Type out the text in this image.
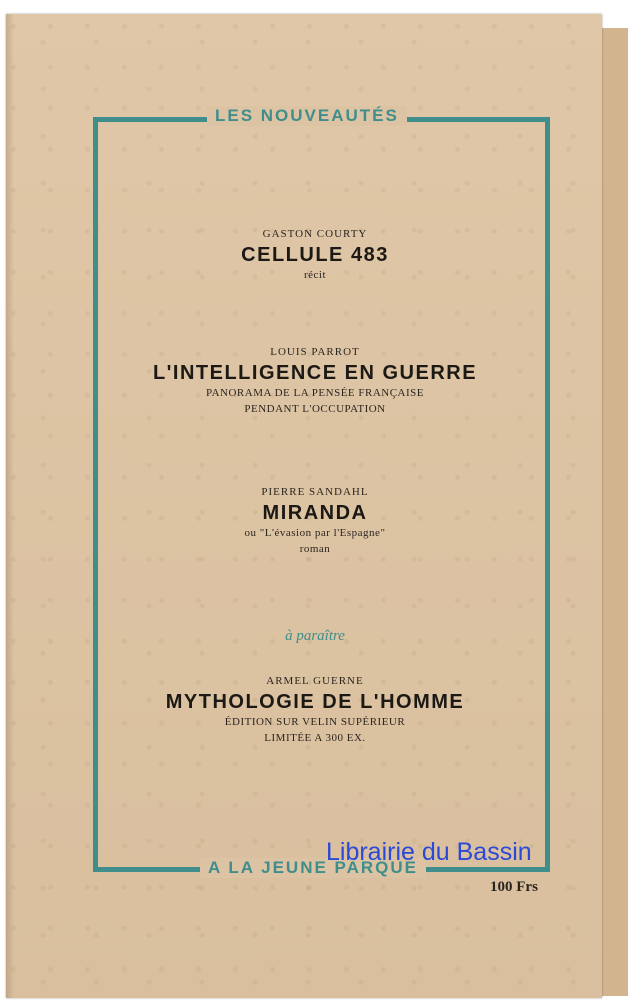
LES NOUVEAUTÉS
A LA JEUNE PARQUE
GASTON COURTY
CELLULE 483
récit
LOUIS PARROT
L'INTELLIGENCE EN GUERRE
PANORAMA DE LA PENSÉE FRANÇAISE
PENDANT L'OCCUPATION
PIERRE SANDAHL
MIRANDA
ou "L'évasion par l'Espagne"
roman
à paraître
ARMEL GUERNE
MYTHOLOGIE DE L'HOMME
ÉDITION SUR VELIN SUPÉRIEUR
LIMITÉE A 300 EX.
Librairie du Bassin
100 Frs
